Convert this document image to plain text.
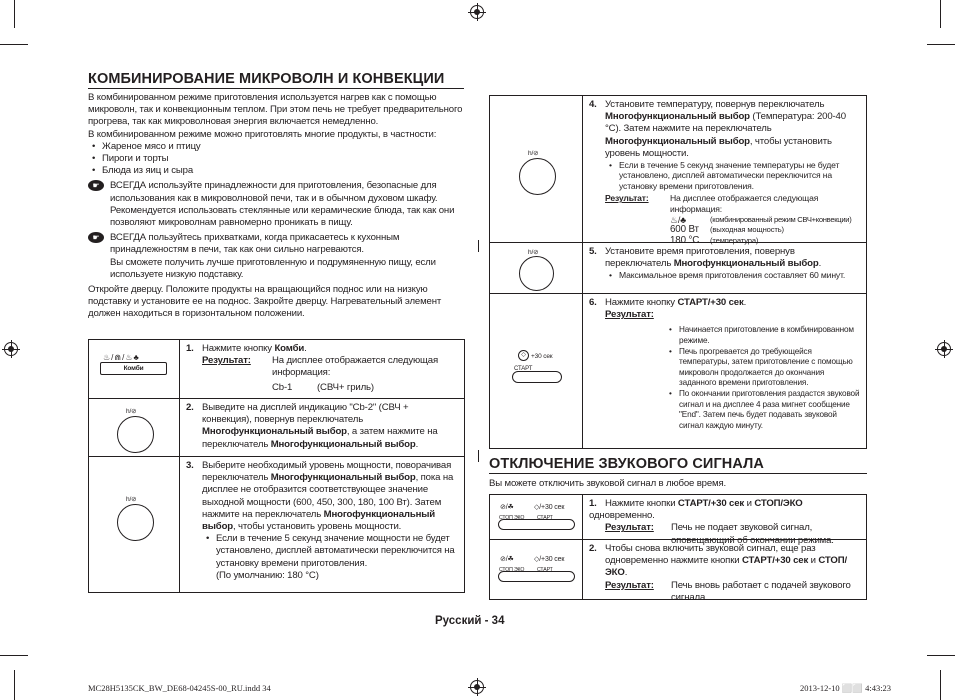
КОМБИНИРОВАНИЕ МИКРОВОЛН И КОНВЕКЦИИ
В комбинированном режиме приготовления используется нагрев как с помощью микроволн, так и конвекционным теплом. При этом печь не требует предварительного прогрева, так как микроволновая энергия включается немедленно.
В комбинированном режиме можно приготовлять многие продукты, в частности:
• Жареное мясо и птицу
• Пироги и торты
• Блюда из яиц и сыра
☛	ВСЕГДА используйте принадлежности для приготовления, безопасные для использования как в микроволновой печи, так и в обычном духовом шкафу. Рекомендуется использовать стеклянные или керамические блюда, так как они позволяют микроволнам равномерно проникать в пищу.
☛	ВСЕГДА пользуйтесь прихватками, когда прикасаетесь к кухонным принадлежностям в печи, так как они сильно нагреваются.
Вы сможете получить лучше приготовленную и подрумяненную пищу, если используете низкую подставку.
Откройте дверцу. Положите продукты на вращающийся поднос или на низкую подставку и установите ее на поднос. Закройте дверцу. Нагревательный элемент должен находиться в горизонтальном положении.
♨/⋒/♨♣
Комби
1. Нажмите кнопку Комби.
Результат:	На дисплее отображается следующая информация:
Cb-1	(СВЧ+ гриль)
h/⊘	2. Выведите на дисплей индикацию "Cb-2" (СВЧ + конвекция), повернув переключатель Многофункциональный выбор, а затем нажмите на переключатель Многофункциональный выбор.
h/⊘
3. Выберите необходимый уровень мощности, поворачивая переключатель Многофункциональный выбор, пока на дисплее не отобразится соответствующее значение выходной мощности (600, 450, 300, 180, 100 Вт). Затем нажмите на переключатель Многофункциональный выбор, чтобы установить уровень мощности.
• Если в течение 5 секунд значение мощности не будет установлено, дисплей автоматически переключится на установку времени приготовления.
(По умолчанию: 180 °C)
h/⊘
4. Установите температуру, повернув переключатель Многофункциональный выбор (Температура: 200-40 °C). Затем нажмите на переключатель Многофункциональный выбор, чтобы установить уровень мощности.
• Если в течение 5 секунд значение температуры не будет установлено, дисплей автоматически переключится на установку времени приготовления.
Результат:	На дисплее отображается следующая информация:
♨/♣	(комбинированный режим СВЧ+конвекции)
600 Вт	(выходная мощность)
180 °C	(температура)
h/⊘	5. Установите время приготовления, повернув переключатель Многофункциональный выбор.
• Максимальное время приготовления составляет 60 минут.
◇ +30 сек
СТАРТ
6. Нажмите кнопку СТАРТ/+30 сек.
Результат:
• Начинается приготовление в комбинированном режиме.
• Печь прогревается до требующейся температуры, затем приготовление с помощью микроволн продолжается до окончания заданного времени приготовления.
• По окончании приготовления раздастся звуковой сигнал и на дисплее 4 раза мигнет сообщение "End". Затем печь будет подавать звуковой сигнал каждую минуту.
ОТКЛЮЧЕНИЕ ЗВУКОВОГО СИГНАЛА
Вы можете отключить звуковой сигнал в любое время.
⊘/☘	◇/+30 сек
СТОП ЭКО СТАРТ
1. Нажмите кнопки СТАРТ/+30 сек и СТОП/ЭКО одновременно.
Результат:	Печь не подает звуковой сигнал, оповещающий об окончании режима.
⊘/☘	◇/+30 сек
СТОП ЭКО СТАРТ
2. Чтобы снова включить звуковой сигнал, еще раз одновременно нажмите кнопки СТАРТ/+30 сек и СТОП/ЭКО.
Результат:	Печь вновь работает с подачей звукового сигнала.
Русский - 34
MC28H5135CK_BW_DE68-04245S-00_RU.indd 34	2013-12-10 ⬜⬜ 4:43:23
